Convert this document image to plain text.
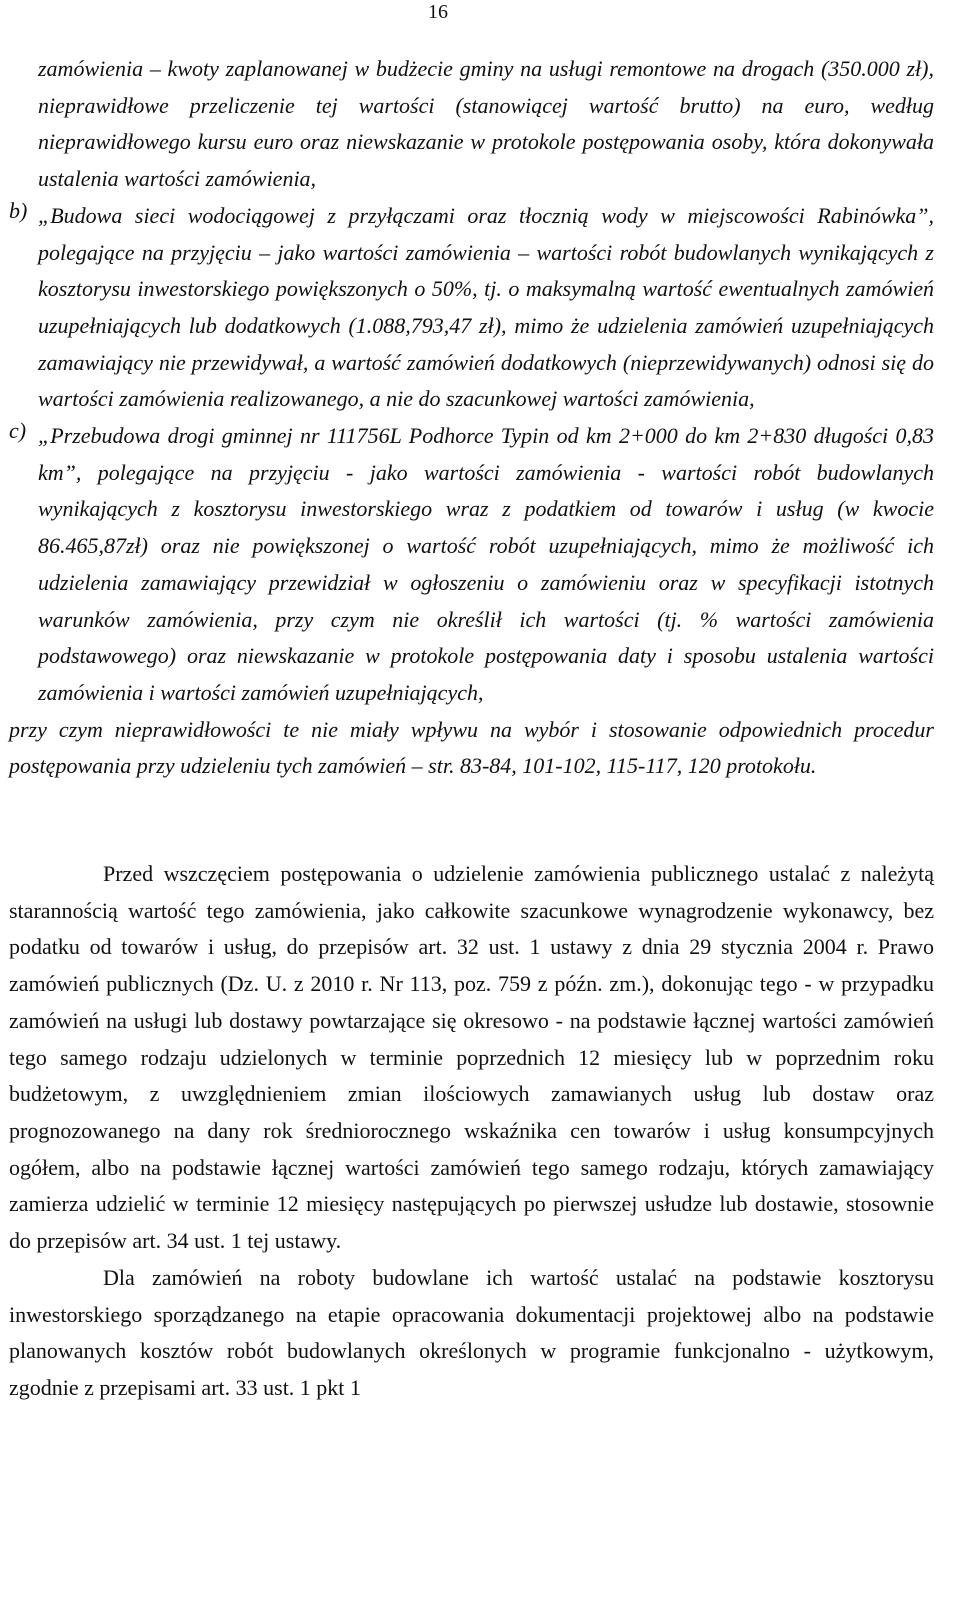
16

zamówienia – kwoty zaplanowanej w budżecie gminy na usługi remontowe na drogach (350.000 zł), nieprawidłowe przeliczenie tej wartości (stanowiącej wartość brutto) na euro, według nieprawidłowego kursu euro oraz niewskazanie w protokole postępowania osoby, która dokonywała ustalenia wartości zamówienia,

b) „Budowa sieci wodociągowej z przyłączami oraz tłocznią wody w miejscowości Rabinówka”, polegające na przyjęciu – jako wartości zamówienia – wartości robót budowlanych wynikających z kosztorysu inwestorskiego powiększonych o 50%, tj. o maksymalną wartość ewentualnych zamówień uzupełniających lub dodatkowych (1.088,793,47 zł), mimo że udzielenia zamówień uzupełniających zamawiający nie przewidywał, a wartość zamówień dodatkowych (nieprzewidywanych) odnosi się do wartości zamówienia realizowanego, a nie do szacunkowej wartości zamówienia,

c) „Przebudowa drogi gminnej nr 111756L Podhorce Typin od km 2+000 do km 2+830 długości 0,83 km”, polegające na przyjęciu - jako wartości zamówienia - wartości robót budowlanych wynikających z kosztorysu inwestorskiego wraz z podatkiem od towarów i usług (w kwocie 86.465,87zł) oraz nie powiększonej o wartość robót uzupełniających, mimo że możliwość ich udzielenia zamawiający przewidział w ogłoszeniu o zamówieniu oraz w specyfikacji istotnych warunków zamówienia, przy czym nie określił ich wartości (tj. % wartości zamówienia podstawowego) oraz niewskazanie w protokole postępowania daty i sposobu ustalenia wartości zamówienia i wartości zamówień uzupełniających,

przy czym nieprawidłowości te nie miały wpływu na wybór i stosowanie odpowiednich procedur postępowania przy udzieleniu tych zamówień – str. 83-84, 101-102, 115-117, 120 protokołu.

Przed wszczęciem postępowania o udzielenie zamówienia publicznego ustalać z należytą starannością wartość tego zamówienia, jako całkowite szacunkowe wynagrodzenie wykonawcy, bez podatku od towarów i usług, do przepisów art. 32 ust. 1 ustawy z dnia 29 stycznia 2004 r. Prawo zamówień publicznych (Dz. U. z 2010 r. Nr 113, poz. 759 z późn. zm.), dokonując tego - w przypadku zamówień na usługi lub dostawy powtarzające się okresowo - na podstawie łącznej wartości zamówień tego samego rodzaju udzielonych w terminie poprzednich 12 miesięcy lub w poprzednim roku budżetowym, z uwzględnieniem zmian ilościowych zamawianych usług lub dostaw oraz prognozowanego na dany rok średniorocznego wskaźnika cen towarów i usług konsumpcyjnych ogółem, albo na podstawie łącznej wartości zamówień tego samego rodzaju, których zamawiający zamierza udzielić w terminie 12 miesięcy następujących po pierwszej usłudze lub dostawie, stosownie do przepisów art. 34 ust. 1 tej ustawy.

Dla zamówień na roboty budowlane ich wartość ustalać na podstawie kosztorysu inwestorskiego sporządzanego na etapie opracowania dokumentacji projektowej albo na podstawie planowanych kosztów robót budowlanych określonych w programie funkcjonalno - użytkowym, zgodnie z przepisami art. 33 ust. 1 pkt 1
